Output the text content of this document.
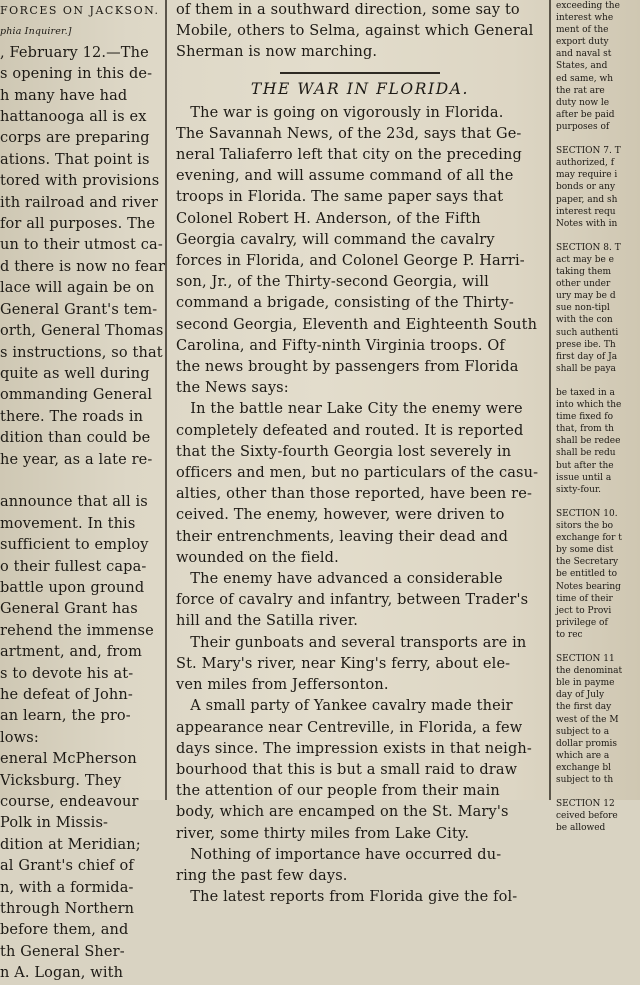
FORCES ON JACKSON.
phia Inquirer.]
, February 12.—The
s opening in this de-
h many have had
hattanooga all is ex
corps are preparing
ations. That point is
tored with provisions
ith railroad and river
for all purposes. The
un to their utmost ca-
d there is now no fear
lace will again be on
General Grant's tem-
orth, General Thomas
s instructions, so that
quite as well during
ommanding General
there. The roads in
dition than could be
he year, as a late re-

announce that all is
movement. In this
sufficient to employ
o their fullest capa-
battle upon ground
General Grant has
rehend the immense
artment, and, from
s to devote his at-
he defeat of John-
an learn, the pro-
lows:
eneral McPherson
Vicksburg. They
course, endeavour
Polk in Missis-
dition at Meridian;
al Grant's chief of
n, with a formida-
through Northern
before them, and
th General Sher-
n A. Logan, with
of them in a southward direction, some say to
Mobile, others to Selma, against which General
Sherman is now marching.
THE WAR IN FLORIDA.
The war is going on vigorously in Florida.
The Savannah News, of the 23d, says that Ge-
neral Taliaferro left that city on the preceding
evening, and will assume command of all the
troops in Florida. The same paper says that
Colonel Robert H. Anderson, of the Fifth
Georgia cavalry, will command the cavalry
forces in Florida, and Colonel George P. Harri-
son, Jr., of the Thirty-second Georgia, will
command a brigade, consisting of the Thirty-
second Georgia, Eleventh and Eighteenth South
Carolina, and Fifty-ninth Virginia troops. Of
the news brought by passengers from Florida
the News says:
In the battle near Lake City the enemy were
completely defeated and routed. It is reported
that the Sixty-fourth Georgia lost severely in
officers and men, but no particulars of the casu-
alties, other than those reported, have been re-
ceived. The enemy, however, were driven to
their entrenchments, leaving their dead and
wounded on the field.
The enemy have advanced a considerable
force of cavalry and infantry, between Trader's
hill and the Satilla river.
Their gunboats and several transports are in
St. Mary's river, near King's ferry, about ele-
ven miles from Jeffersonton.
A small party of Yankee cavalry made their
appearance near Centreville, in Florida, a few
days since. The impression exists in that neigh-
bourhood that this is but a small raid to draw
the attention of our people from their main
body, which are encamped on the St. Mary's
river, some thirty miles from Lake City.
Nothing of importance have occurred du-
ring the past few days.
The latest reports from Florida give the fol-
exceeding the
interest whe
ment of the
export duty
and naval st
States, and
ed same, wh
the rat are
duty now le
after be paid
purposes of

SECTION 7. T
authorized, f
may require i
bonds or any
paper, and sh
interest requ
Notes with in

SECTION 8. T
act may be e
taking them
other under
ury may be d
sue non-tipl
with the con
such authenti
prese ibe. Th
first day of Ja
shall be paya

be taxed in a
into which the
time fixed fo
that, from th
shall be redee
shall be redu
but after the
issue until a
sixty-four.

SECTION 10.
sitors the bo
exchange for t
by some dist
the Secretary
be entitled to
Notes bearing
time of their
ject to Provi
privilege of
to rec

SECTION 11
the denominat
ble in payme
day of July
the first day
west of the M
subject to a
dollar promis
which are a
exchange bl
subject to th

SECTION 12
ceived before
be allowed
